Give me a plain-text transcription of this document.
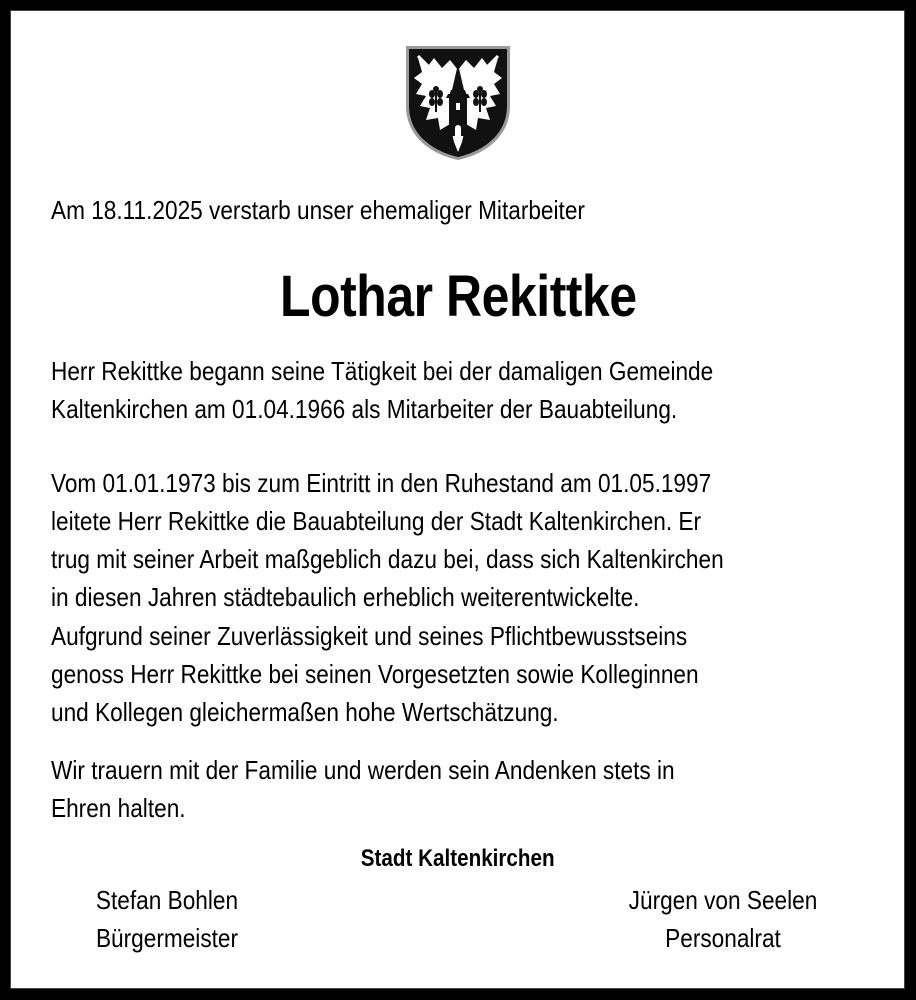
Am 18.11.2025 verstarb unser ehemaliger Mitarbeiter
Lothar Rekittke
Herr Rekittke begann seine Tätigkeit bei der damaligen Gemeinde
Kaltenkirchen am 01.04.1966 als Mitarbeiter der Bauabteilung.
Vom 01.01.1973 bis zum Eintritt in den Ruhestand am 01.05.1997
leitete Herr Rekittke die Bauabteilung der Stadt Kaltenkirchen. Er
trug mit seiner Arbeit maßgeblich dazu bei, dass sich Kaltenkirchen
in diesen Jahren städtebaulich erheblich weiterentwickelte.
Aufgrund seiner Zuverlässigkeit und seines Pflichtbewusstseins
genoss Herr Rekittke bei seinen Vorgesetzten sowie Kolleginnen
und Kollegen gleichermaßen hohe Wertschätzung.
Wir trauern mit der Familie und werden sein Andenken stets in
Ehren halten.
Stadt Kaltenkirchen
Stefan Bohlen
Bürgermeister
Jürgen von Seelen
Personalrat
